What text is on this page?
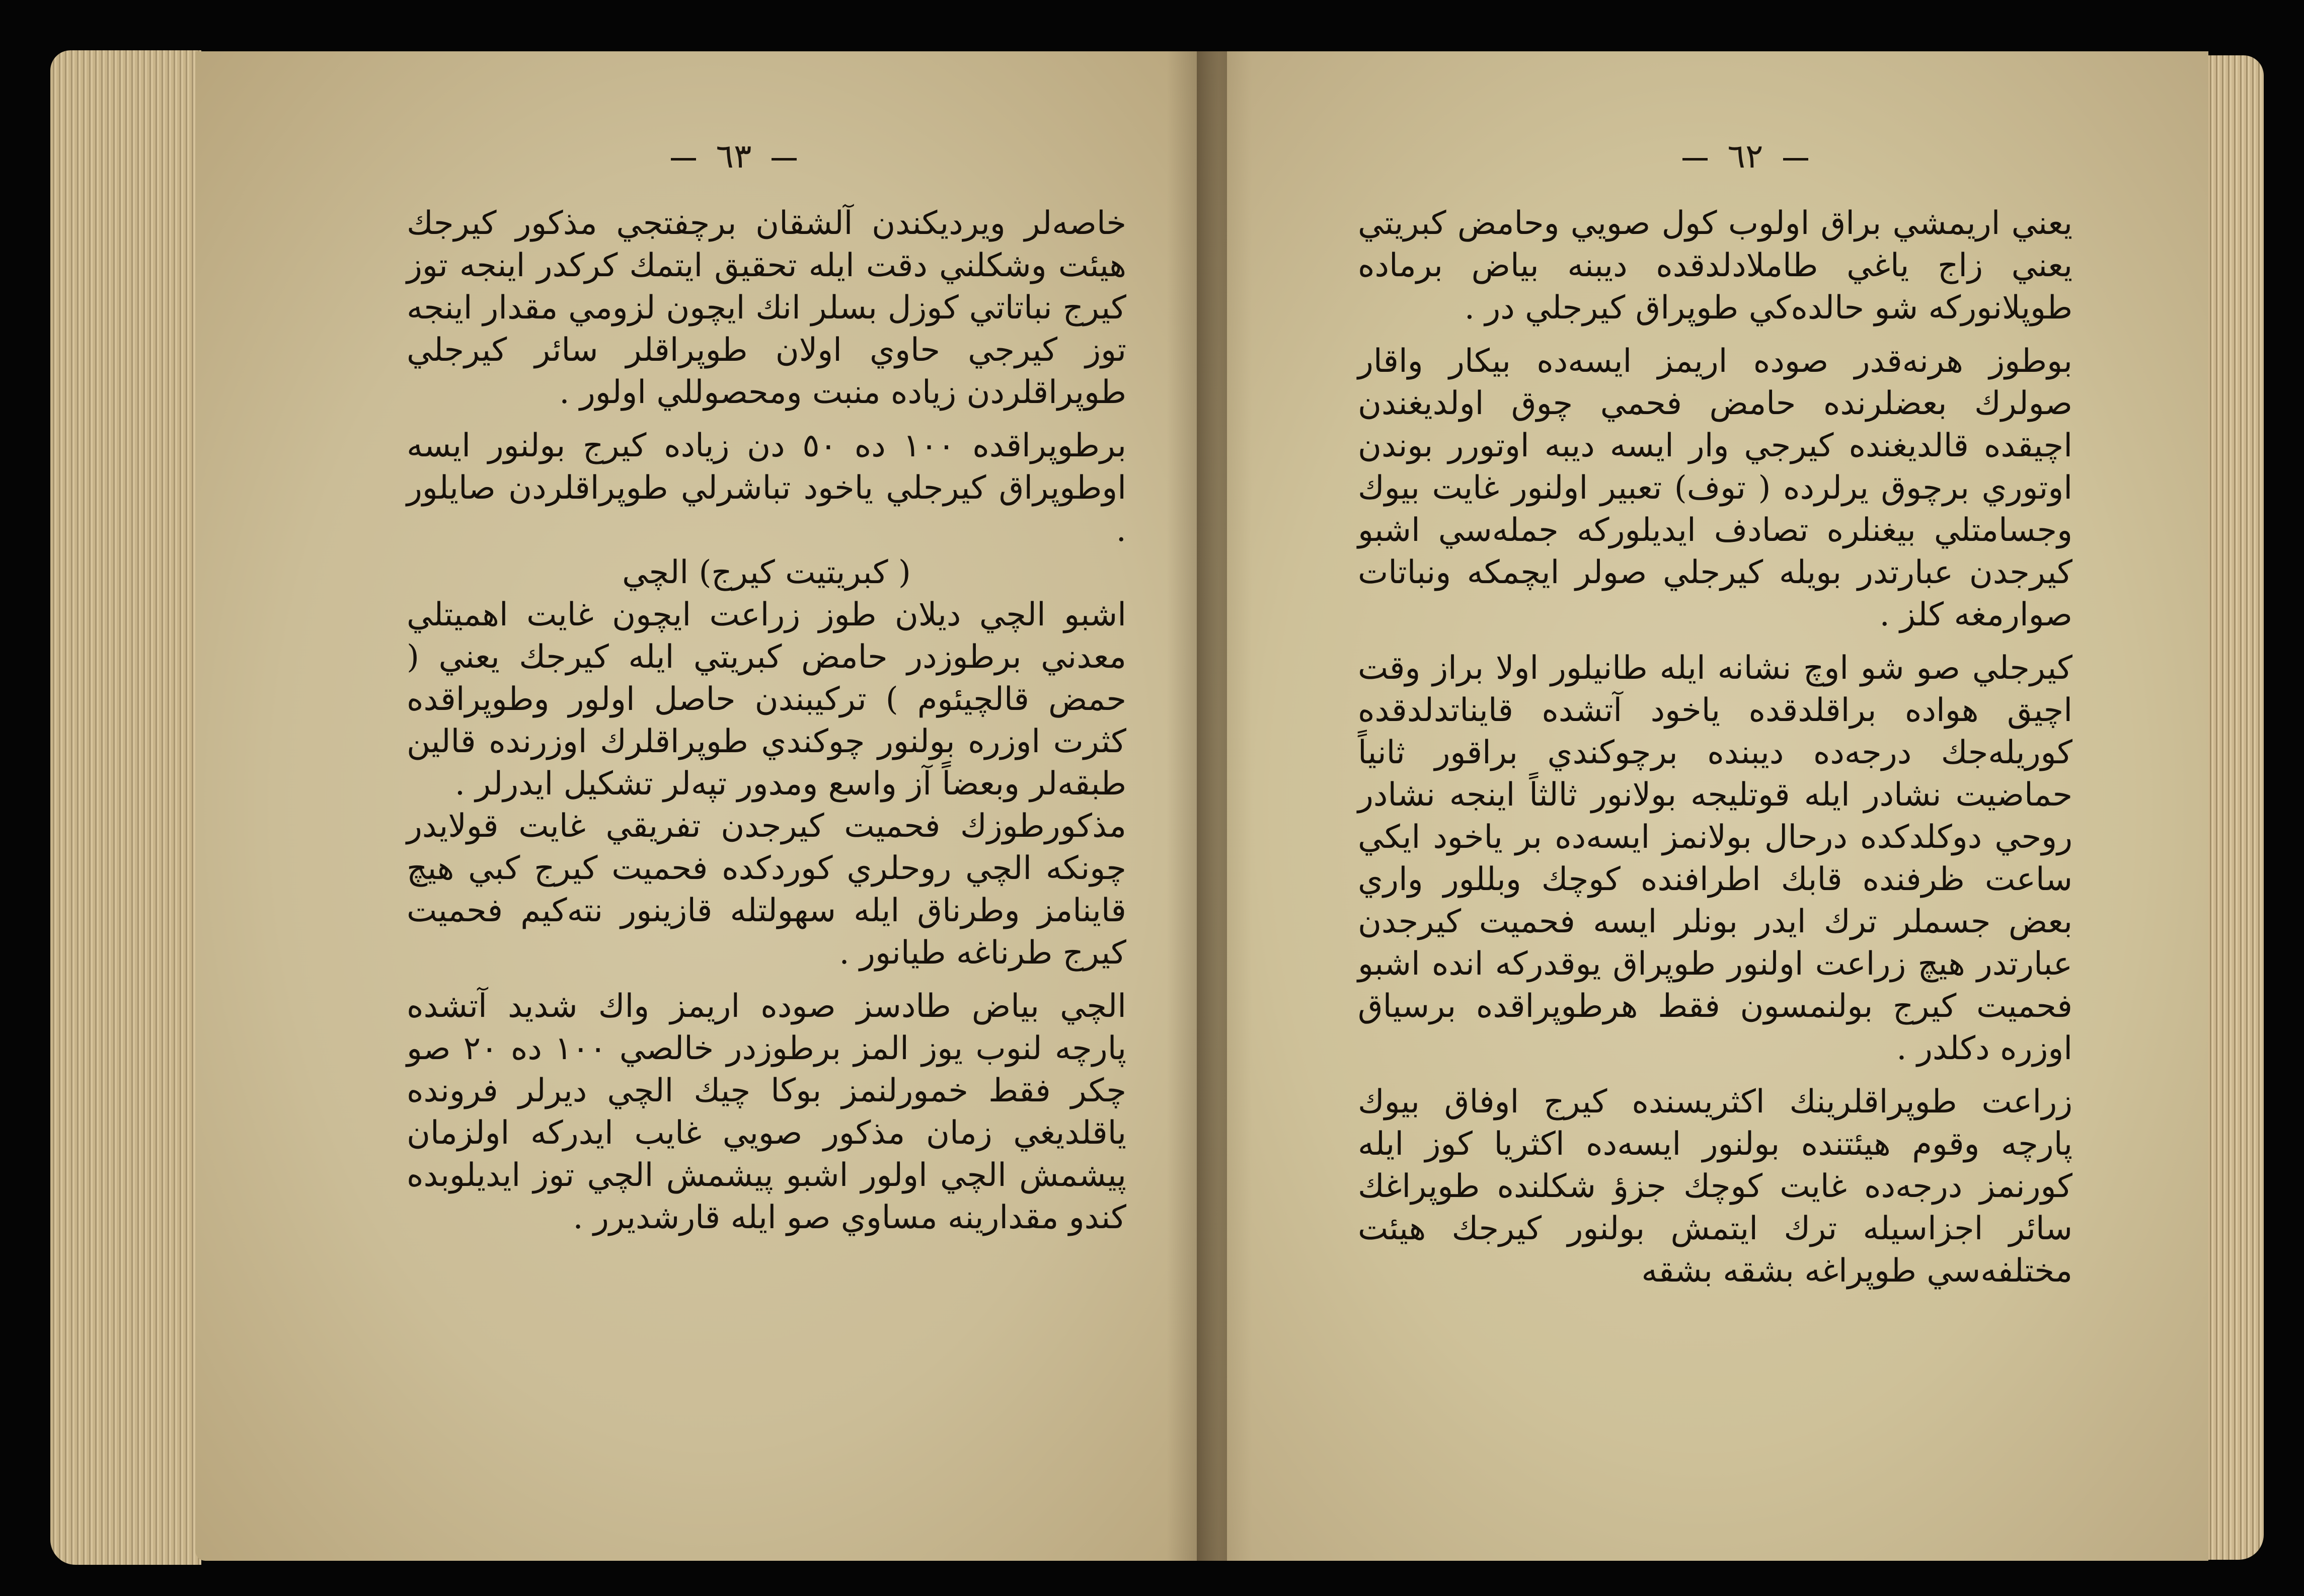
٦٣

خاصه‌لر ويرديكندن آلشقان برچفتجي مذكور كيرجك هيئت وشكلني دقت ايله تحقيق ايتمك كركدر اينجه توز كيرج نباتاتي كوزل بسلر انك ايچون لزومي مقدار اينجه توز كيرجي حاوي اولان طوپراقلر سائر كيرجلي طوپراقلردن زياده منبت ومحصوللي اولور .

برطوپراقده ١٠٠ ده ٥٠ دن زياده كيرج بولنور ايسه اوطوپراق كيرجلي ياخود تباشرلي طوپراقلردن صايلور .

( كبريتيت كيرج) الچي

اشبو الچي ديلان طوز زراعت ايچون غايت اهميتلي معدني برطوزدر حامض كبريتي ايله كيرجك يعني ( حمض قالچيئوم ) تركيبندن حاصل اولور وطوپراقده كثرت اوزره بولنور چوكندي طوپراقلرك اوزرنده قالين طبقه‌لر وبعضاً آز واسع ومدور تپه‌لر تشكيل ايدرلر .

مذكورطوزك فحميت كيرجدن تفريقي غايت قولايدر چونكه الچي روحلري كوردكده فحميت كيرج كبي هيچ قاينامز وطرناق ايله سهولتله قازينور نته‌كيم فحميت كيرج طرناغه طيانور .

الچي بياض طادسز صوده اريمز واك شديد آتشده پارچه لنوب يوز المز برطوزدر خالصي ١٠٠ ده ٢٠ صو چكر فقط خمورلنمز بوكا چيك الچي ديرلر فرونده ياقلديغي زمان مذكور صويي غايب ايدركه اولزمان پيشمش الچي اولور اشبو پيشمش الچي توز ايديلوبده كندو مقدارينه مساوي صو ايله قارشديرر .

٦٢

يعني اريمشي براق اولوب كول صويي وحامض كبريتي يعني زاج ياغي طاملادلدقده ديبنه بياض برماده طوپلانوركه شو حالده‌كي طوپراق كيرجلي در .

بوطوز هرنه‌قدر صوده اريمز ايسه‌ده بيكار واقار صولرك بعضلرنده حامض فحمي چوق اولديغندن اچيقده قالديغنده كيرجي وار ايسه ديبه اوتورر بوندن اوتوري برچوق يرلرده ( توف) تعبير اولنور غايت بيوك وجسامتلي بيغنلره تصادف ايديلوركه جمله‌سي اشبو كيرجدن عبارتدر بويله كيرجلي صولر ايچمكه ونباتات صوارمغه كلز .

كيرجلي صو شو اوچ نشانه ايله طانيلور اولا براز وقت اچيق هواده براقلدقده ياخود آتشده قايناتدلدقده كوريله‌جك درجه‌ده ديبنده برچوكندي براقور ثانياً حماضيت نشادر ايله قوتليجه بولانور ثالثاً اينجه نشادر روحي دوكلدكده درحال بولانمز ايسه‌ده بر ياخود ايكي ساعت ظرفنده قابك اطرافنده كوچك وبللور واري بعض جسملر ترك ايدر بونلر ايسه فحميت كيرجدن عبارتدر هيچ زراعت اولنور طوپراق يوقدركه انده اشبو فحميت كيرج بولنمسون فقط هرطوپراقده برسياق اوزره دكلدر .

زراعت طوپراقلرينك اكثريسنده كيرج اوفاق بيوك پارچه وقوم هيئتنده بولنور ايسه‌ده اكثريا كوز ايله كورنمز درجه‌ده غايت كوچك جزؤ شكلنده طوپراغك سائر اجزاسيله ترك ايتمش بولنور كيرجك هيئت مختلفه‌سي طوپراغه بشقه بشقه
